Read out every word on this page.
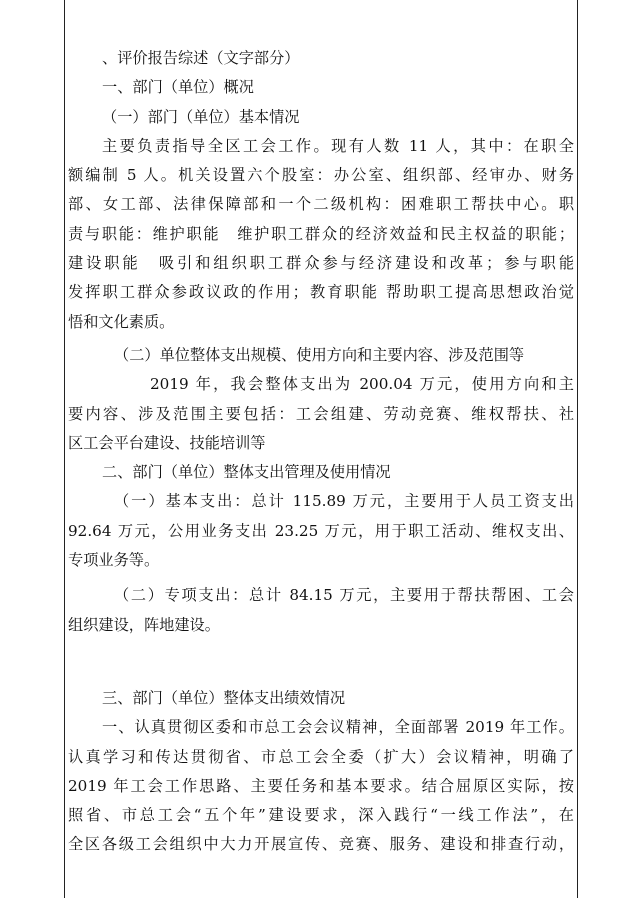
、评价报告综述（文字部分）
一、部门（单位）概况
（一）部门（单位）基本情况
主要负责指导全区工会工作。现有人数 11 人，其中：在职全
额编制 5 人。机关设置六个股室：办公室、组织部、经审办、财务
部、女工部、法律保障部和一个二级机构：困难职工帮扶中心。职
责与职能：维护职能　维护职工群众的经济效益和民主权益的职能；
建设职能　吸引和组织职工群众参与经济建设和改革；参与职能
发挥职工群众参政议政的作用；教育职能 帮助职工提高思想政治觉
悟和文化素质。
（二）单位整体支出规模、使用方向和主要内容、涉及范围等
2019 年，我会整体支出为 200.04 万元，使用方向和主
要内容、涉及范围主要包括：工会组建、劳动竞赛、维权帮扶、社
区工会平台建设、技能培训等
二、部门（单位）整体支出管理及使用情况
（一）基本支出：总计 115.89 万元，主要用于人员工资支出
92.64 万元，公用业务支出 23.25 万元，用于职工活动、维权支出、
专项业务等。
（二）专项支出：总计 84.15 万元，主要用于帮扶帮困、工会
组织建设，阵地建设。
三、部门（单位）整体支出绩效情况
一、认真贯彻区委和市总工会会议精神，全面部署 2019 年工作。
认真学习和传达贯彻省、市总工会全委（扩大）会议精神，明确了
2019 年工会工作思路、主要任务和基本要求。结合屈原区实际，按
照省、市总工会“五个年”建设要求，深入践行“一线工作法”，在
全区各级工会组织中大力开展宣传、竞赛、服务、建设和排查行动，
